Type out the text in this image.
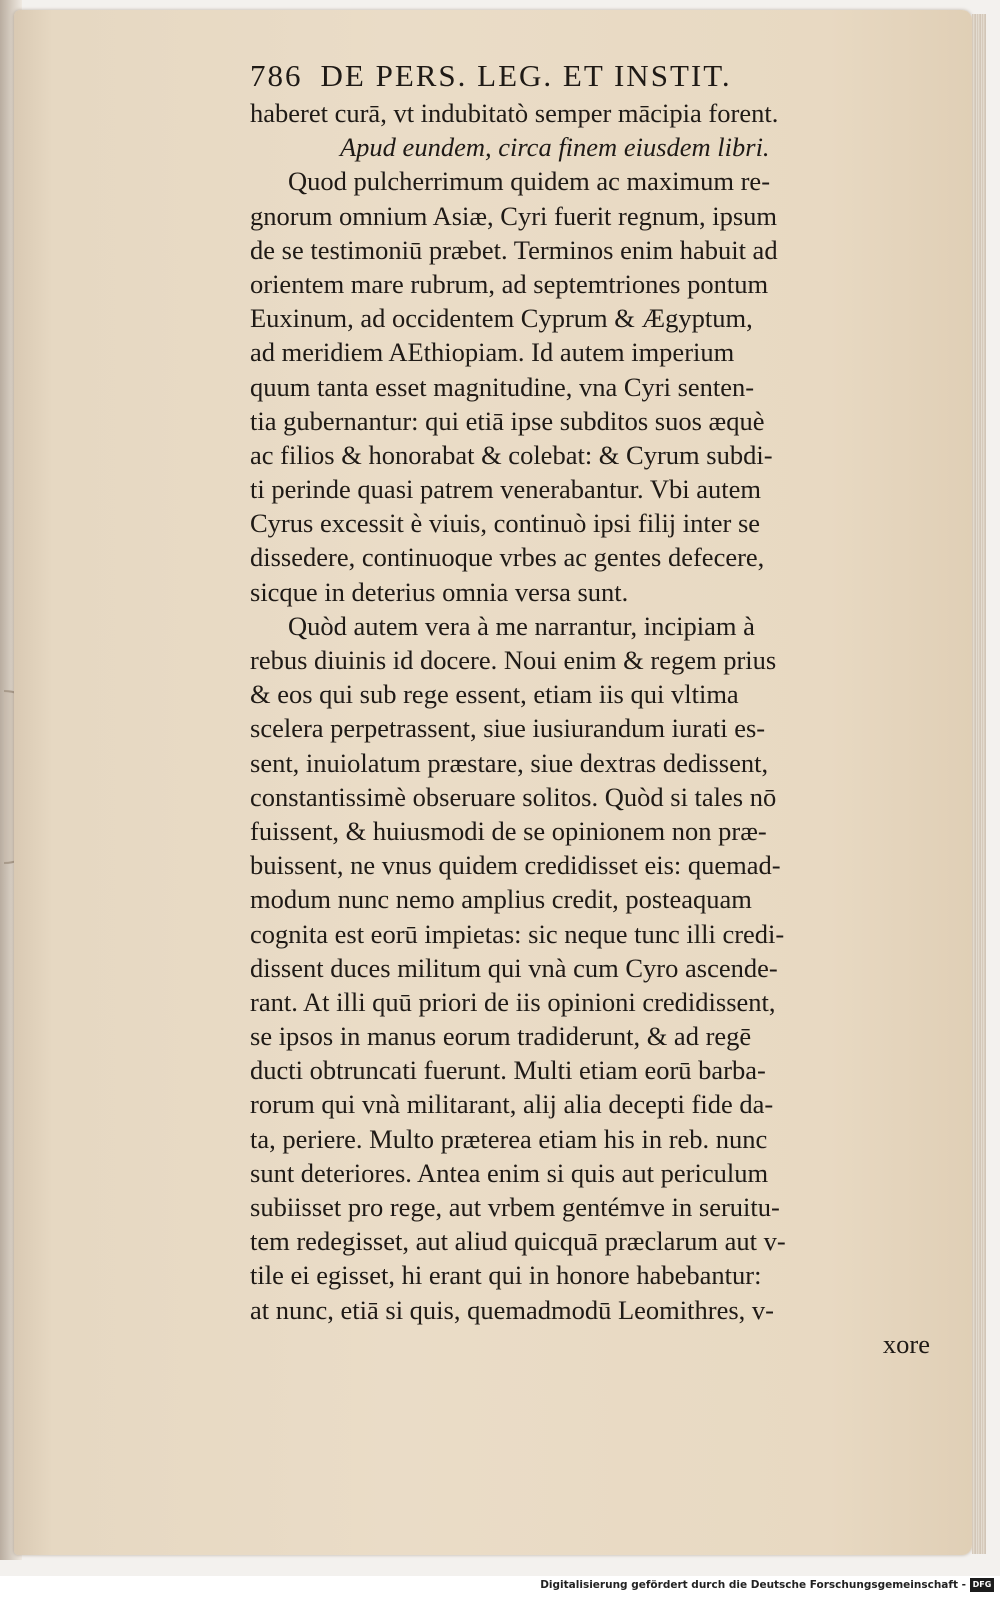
786 DE PERS. LEG. ET INSTIT.
haberet curā, vt indubitatò semper mācipia forent.
Apud eundem, circa finem eiusdem libri.
Quod pulcherrimum quidem ac maximum re-
gnorum omnium Asiæ, Cyri fuerit regnum, ipsum
de se testimoniū præbet. Terminos enim habuit ad
orientem mare rubrum, ad septemtriones pontum
Euxinum, ad occidentem Cyprum & Ægyptum,
ad meridiem AEthiopiam. Id autem imperium
quum tanta esset magnitudine, vna Cyri senten-
tia gubernantur: qui etiā ipse subditos suos æquè
ac filios & honorabat & colebat: & Cyrum subdi-
ti perinde quasi patrem venerabantur. Vbi autem
Cyrus excessit è viuis, continuò ipsi filij inter se
dissedere, continuoque vrbes ac gentes defecere,
sicque in deterius omnia versa sunt.
Quòd autem vera à me narrantur, incipiam à
rebus diuinis id docere. Noui enim & regem prius
& eos qui sub rege essent, etiam iis qui vltima
scelera perpetrassent, siue iusiurandum iurati es-
sent, inuiolatum præstare, siue dextras dedissent,
constantissimè obseruare solitos. Quòd si tales nō
fuissent, & huiusmodi de se opinionem non præ-
buissent, ne vnus quidem credidisset eis: quemad-
modum nunc nemo amplius credit, posteaquam
cognita est eorū impietas: sic neque tunc illi credi-
dissent duces militum qui vnà cum Cyro ascende-
rant. At illi quū priori de iis opinioni credidissent,
se ipsos in manus eorum tradiderunt, & ad regē
ducti obtruncati fuerunt. Multi etiam eorū barba-
rorum qui vnà militarant, alij alia decepti fide da-
ta, periere. Multo præterea etiam his in reb. nunc
sunt deteriores. Antea enim si quis aut periculum
subiisset pro rege, aut vrbem gentémve in seruitu-
tem redegisset, aut aliud quicquā præclarum aut v-
tile ei egisset, hi erant qui in honore habebantur:
at nunc, etiā si quis, quemadmodū Leomithres, v-
xore
Digitalisierung gefördert durch die Deutsche Forschungsgemeinschaft - DFG
